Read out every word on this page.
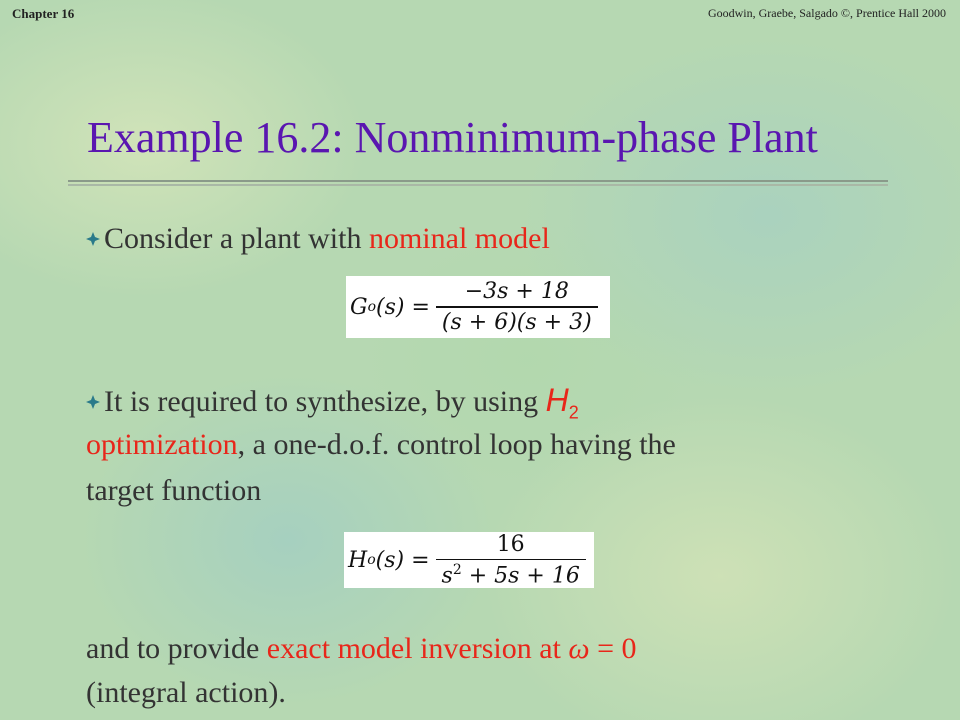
Chapter 16	Goodwin, Graebe, Salgado ©, Prentice Hall 2000
Example 16.2: Nonminimum-phase Plant
Consider a plant with nominal model
G o $(s) = \frac{-3s + 18}{(s + 6)(s + 3)}$
It is required to synthesize, by using $H_2$
optimization, a one-d.o.f. control loop having the
target function
H o $(s) = \frac{16}{s^2 + 5s + 16}$
and to provide exact model inversion at ω = 0
(integral action).
